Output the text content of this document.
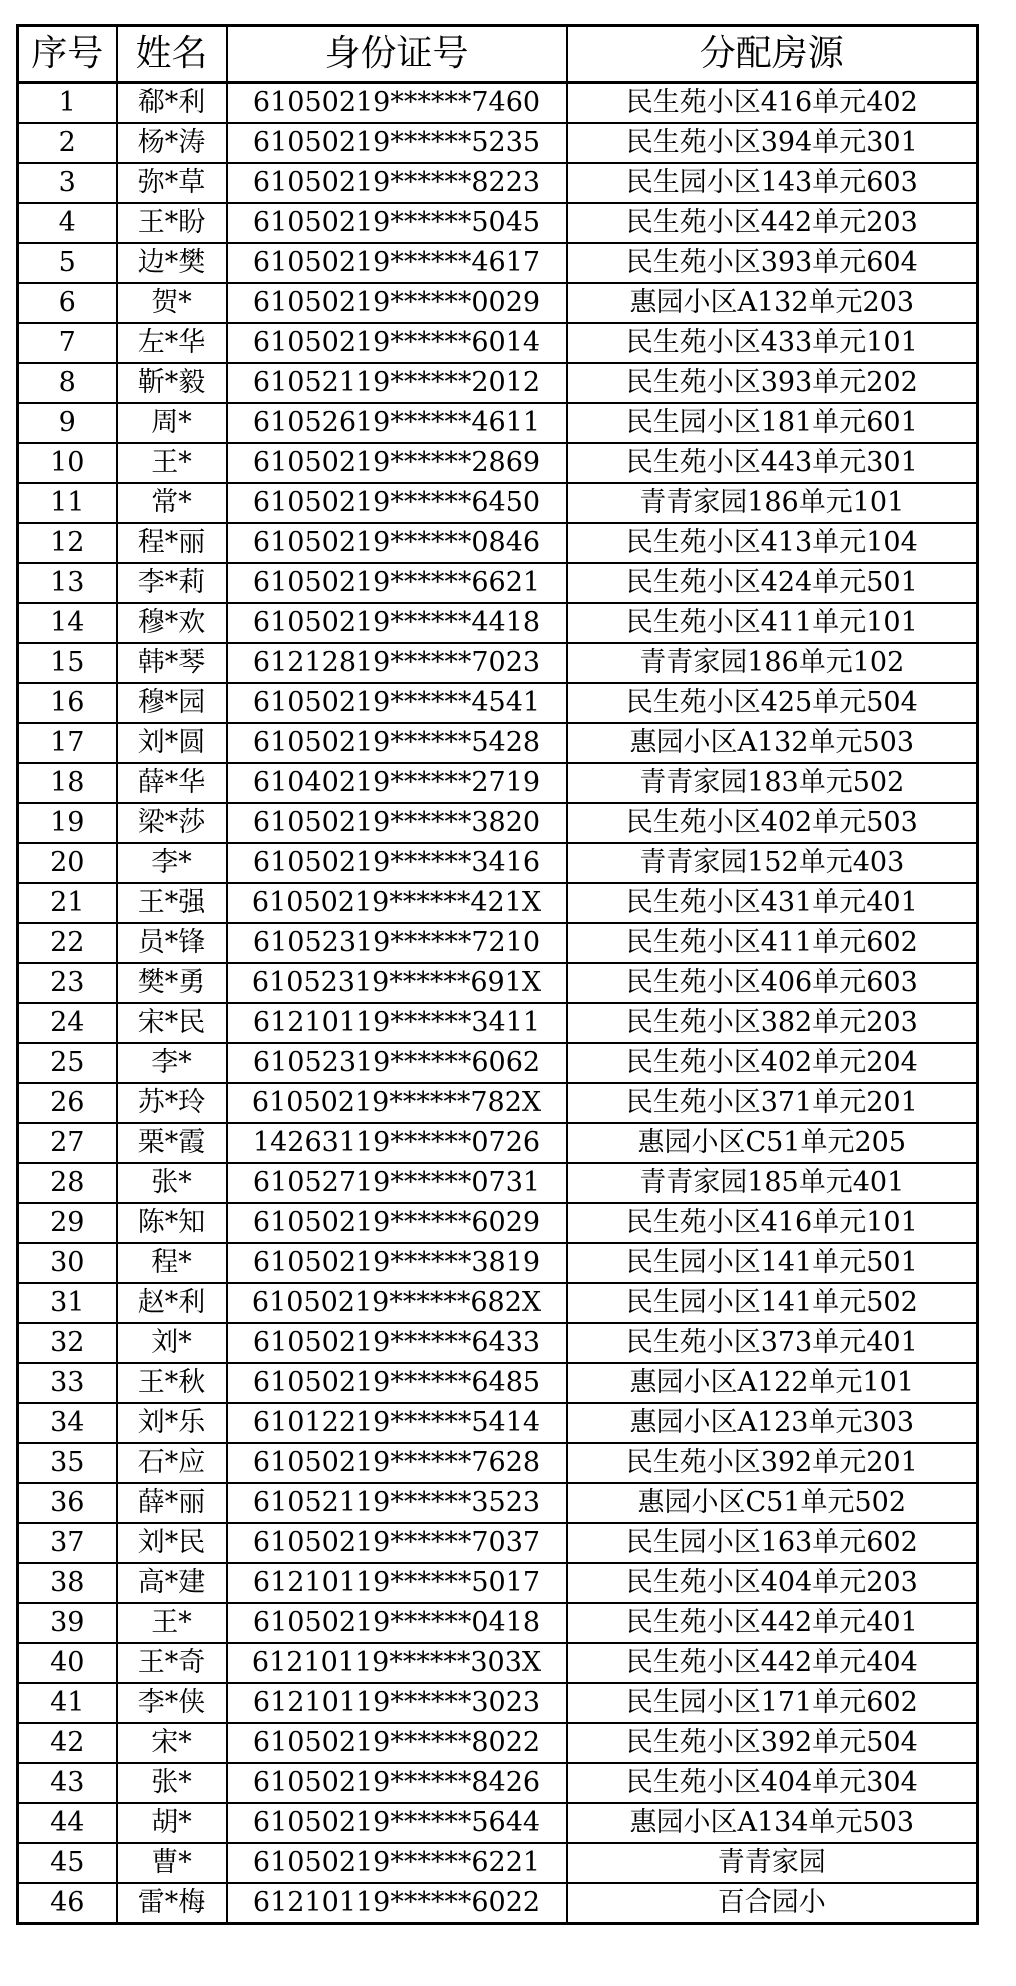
序号	姓名	身份证号	分配房源
1	郗*利	61050219******7460	民生苑小区416单元402
2	杨*涛	61050219******5235	民生苑小区394单元301
3	弥*草	61050219******8223	民生园小区143单元603
4	王*盼	61050219******5045	民生苑小区442单元203
5	边*樊	61050219******4617	民生苑小区393单元604
6	贺*	61050219******0029	惠园小区A132单元203
7	左*华	61050219******6014	民生苑小区433单元101
8	靳*毅	61052119******2012	民生苑小区393单元202
9	周*	61052619******4611	民生园小区181单元601
10	王*	61050219******2869	民生苑小区443单元301
11	常*	61050219******6450	青青家园186单元101
12	程*丽	61050219******0846	民生苑小区413单元104
13	李*莉	61050219******6621	民生苑小区424单元501
14	穆*欢	61050219******4418	民生苑小区411单元101
15	韩*琴	61212819******7023	青青家园186单元102
16	穆*园	61050219******4541	民生苑小区425单元504
17	刘*圆	61050219******5428	惠园小区A132单元503
18	薛*华	61040219******2719	青青家园183单元502
19	梁*莎	61050219******3820	民生苑小区402单元503
20	李*	61050219******3416	青青家园152单元403
21	王*强	61050219******421X	民生苑小区431单元401
22	员*锋	61052319******7210	民生苑小区411单元602
23	樊*勇	61052319******691X	民生苑小区406单元603
24	宋*民	61210119******3411	民生苑小区382单元203
25	李*	61052319******6062	民生苑小区402单元204
26	苏*玲	61050219******782X	民生苑小区371单元201
27	栗*霞	14263119******0726	惠园小区C51单元205
28	张*	61052719******0731	青青家园185单元401
29	陈*知	61050219******6029	民生苑小区416单元101
30	程*	61050219******3819	民生园小区141单元501
31	赵*利	61050219******682X	民生园小区141单元502
32	刘*	61050219******6433	民生苑小区373单元401
33	王*秋	61050219******6485	惠园小区A122单元101
34	刘*乐	61012219******5414	惠园小区A123单元303
35	石*应	61050219******7628	民生苑小区392单元201
36	薛*丽	61052119******3523	惠园小区C51单元502
37	刘*民	61050219******7037	民生园小区163单元602
38	高*建	61210119******5017	民生苑小区404单元203
39	王*	61050219******0418	民生苑小区442单元401
40	王*奇	61210119******303X	民生苑小区442单元404
41	李*侠	61210119******3023	民生园小区171单元602
42	宋*	61050219******8022	民生苑小区392单元504
43	张*	61050219******8426	民生苑小区404单元304
44	胡*	61050219******5644	惠园小区A134单元503
45	曹*	61050219******6221	青青家园
46	雷*梅	61210119******6022	百合园小
